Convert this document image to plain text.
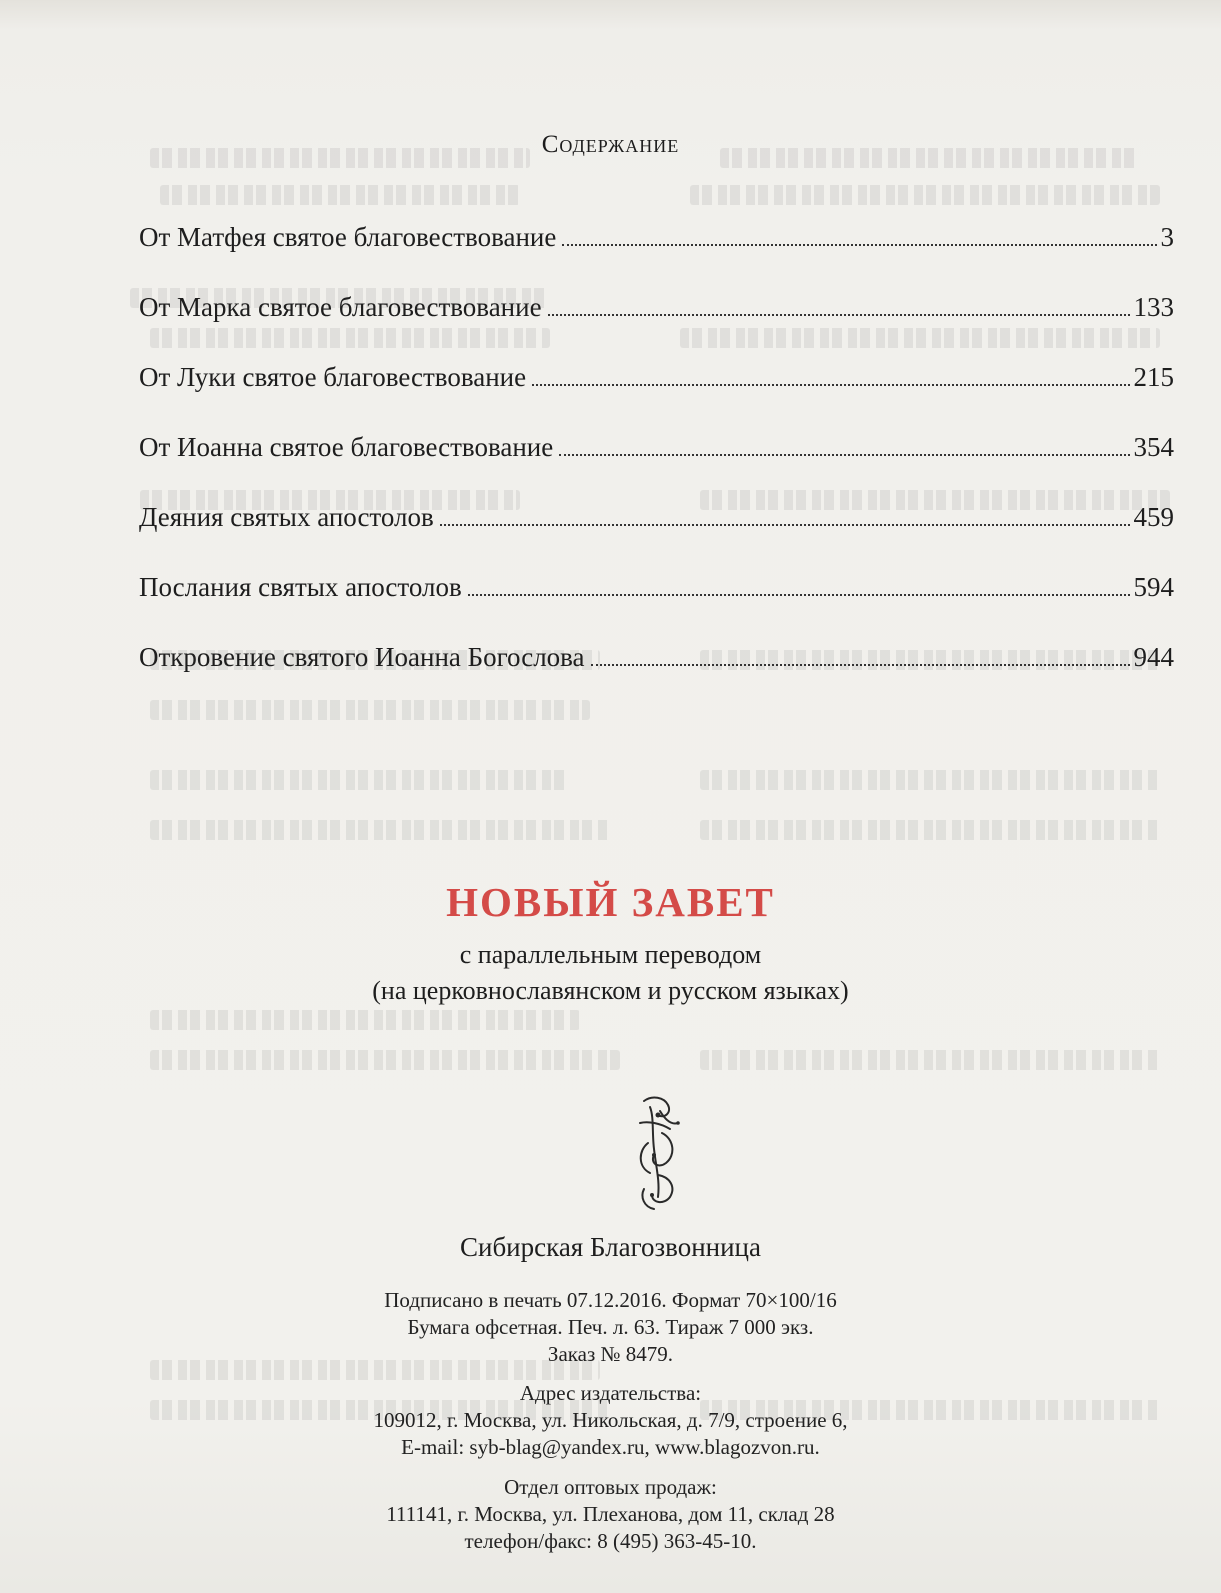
Содержание
От Матфея святое благовествование	3
От Марка святое благовествование	133
От Луки святое благовествование	215
От Иоанна святое благовествование	354
Деяния святых апостолов	459
Послания святых апостолов	594
Откровение святого Иоанна Богослова	944
НОВЫЙ ЗАВЕТ
с параллельным переводом
(на церковнославянском и русском языках)
Сибирская Благозвонница
Подписано в печать 07.12.2016. Формат 70×100/16
Бумага офсетная. Печ. л. 63. Тираж 7 000 экз.
Заказ № 8479.
Адрес издательства:
109012, г. Москва, ул. Никольская, д. 7/9, строение 6,
E-mail: syb-blag@yandex.ru, www.blagozvon.ru.
Отдел оптовых продаж:
111141, г. Москва, ул. Плеханова, дом 11, склад 28
телефон/факс: 8 (495) 363-45-10.
